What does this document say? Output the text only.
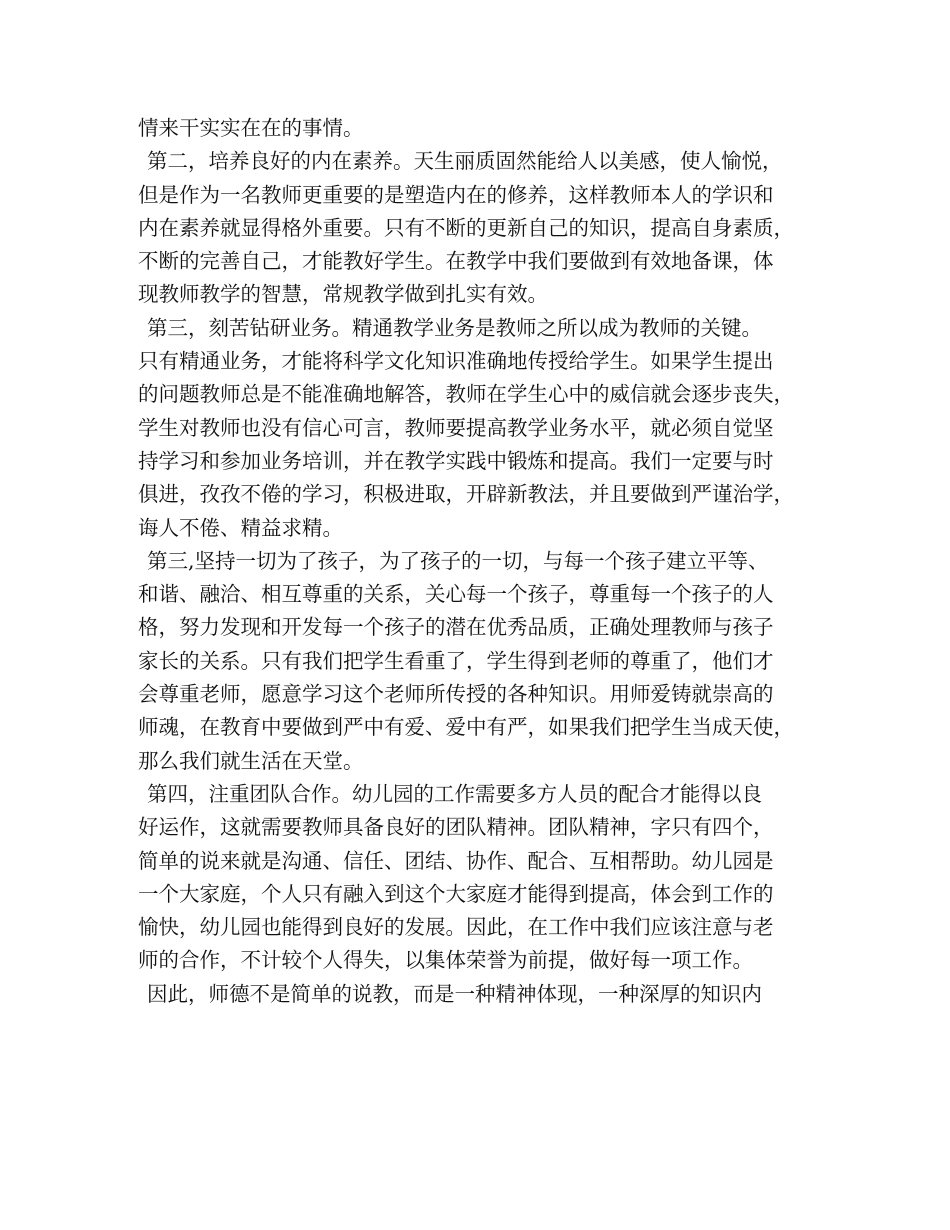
情来干实实在在的事情。
第二，培养良好的内在素养。天生丽质固然能给人以美感，使人愉悦，
但是作为一名教师更重要的是塑造内在的修养，这样教师本人的学识和
内在素养就显得格外重要。只有不断的更新自己的知识，提高自身素质，
不断的完善自己，才能教好学生。在教学中我们要做到有效地备课，体
现教师教学的智慧，常规教学做到扎实有效。
第三，刻苦钻研业务。精通教学业务是教师之所以成为教师的关键。
只有精通业务，才能将科学文化知识准确地传授给学生。如果学生提出
的问题教师总是不能准确地解答，教师在学生心中的威信就会逐步丧失，
学生对教师也没有信心可言，教师要提高教学业务水平，就必须自觉坚
持学习和参加业务培训，并在教学实践中锻炼和提高。我们一定要与时
俱进，孜孜不倦的学习，积极进取，开辟新教法，并且要做到严谨治学，
诲人不倦、精益求精。
第三,坚持一切为了孩子，为了孩子的一切，与每一个孩子建立平等、
和谐、融洽、相互尊重的关系，关心每一个孩子，尊重每一个孩子的人
格，努力发现和开发每一个孩子的潜在优秀品质，正确处理教师与孩子
家长的关系。只有我们把学生看重了，学生得到老师的尊重了，他们才
会尊重老师，愿意学习这个老师所传授的各种知识。用师爱铸就崇高的
师魂，在教育中要做到严中有爱、爱中有严，如果我们把学生当成天使，
那么我们就生活在天堂。
第四，注重团队合作。幼儿园的工作需要多方人员的配合才能得以良
好运作，这就需要教师具备良好的团队精神。团队精神，字只有四个，
简单的说来就是沟通、信任、团结、协作、配合、互相帮助。幼儿园是
一个大家庭，个人只有融入到这个大家庭才能得到提高，体会到工作的
愉快，幼儿园也能得到良好的发展。因此，在工作中我们应该注意与老
师的合作，不计较个人得失，以集体荣誉为前提，做好每一项工作。
因此，师德不是简单的说教，而是一种精神体现，一种深厚的知识内
